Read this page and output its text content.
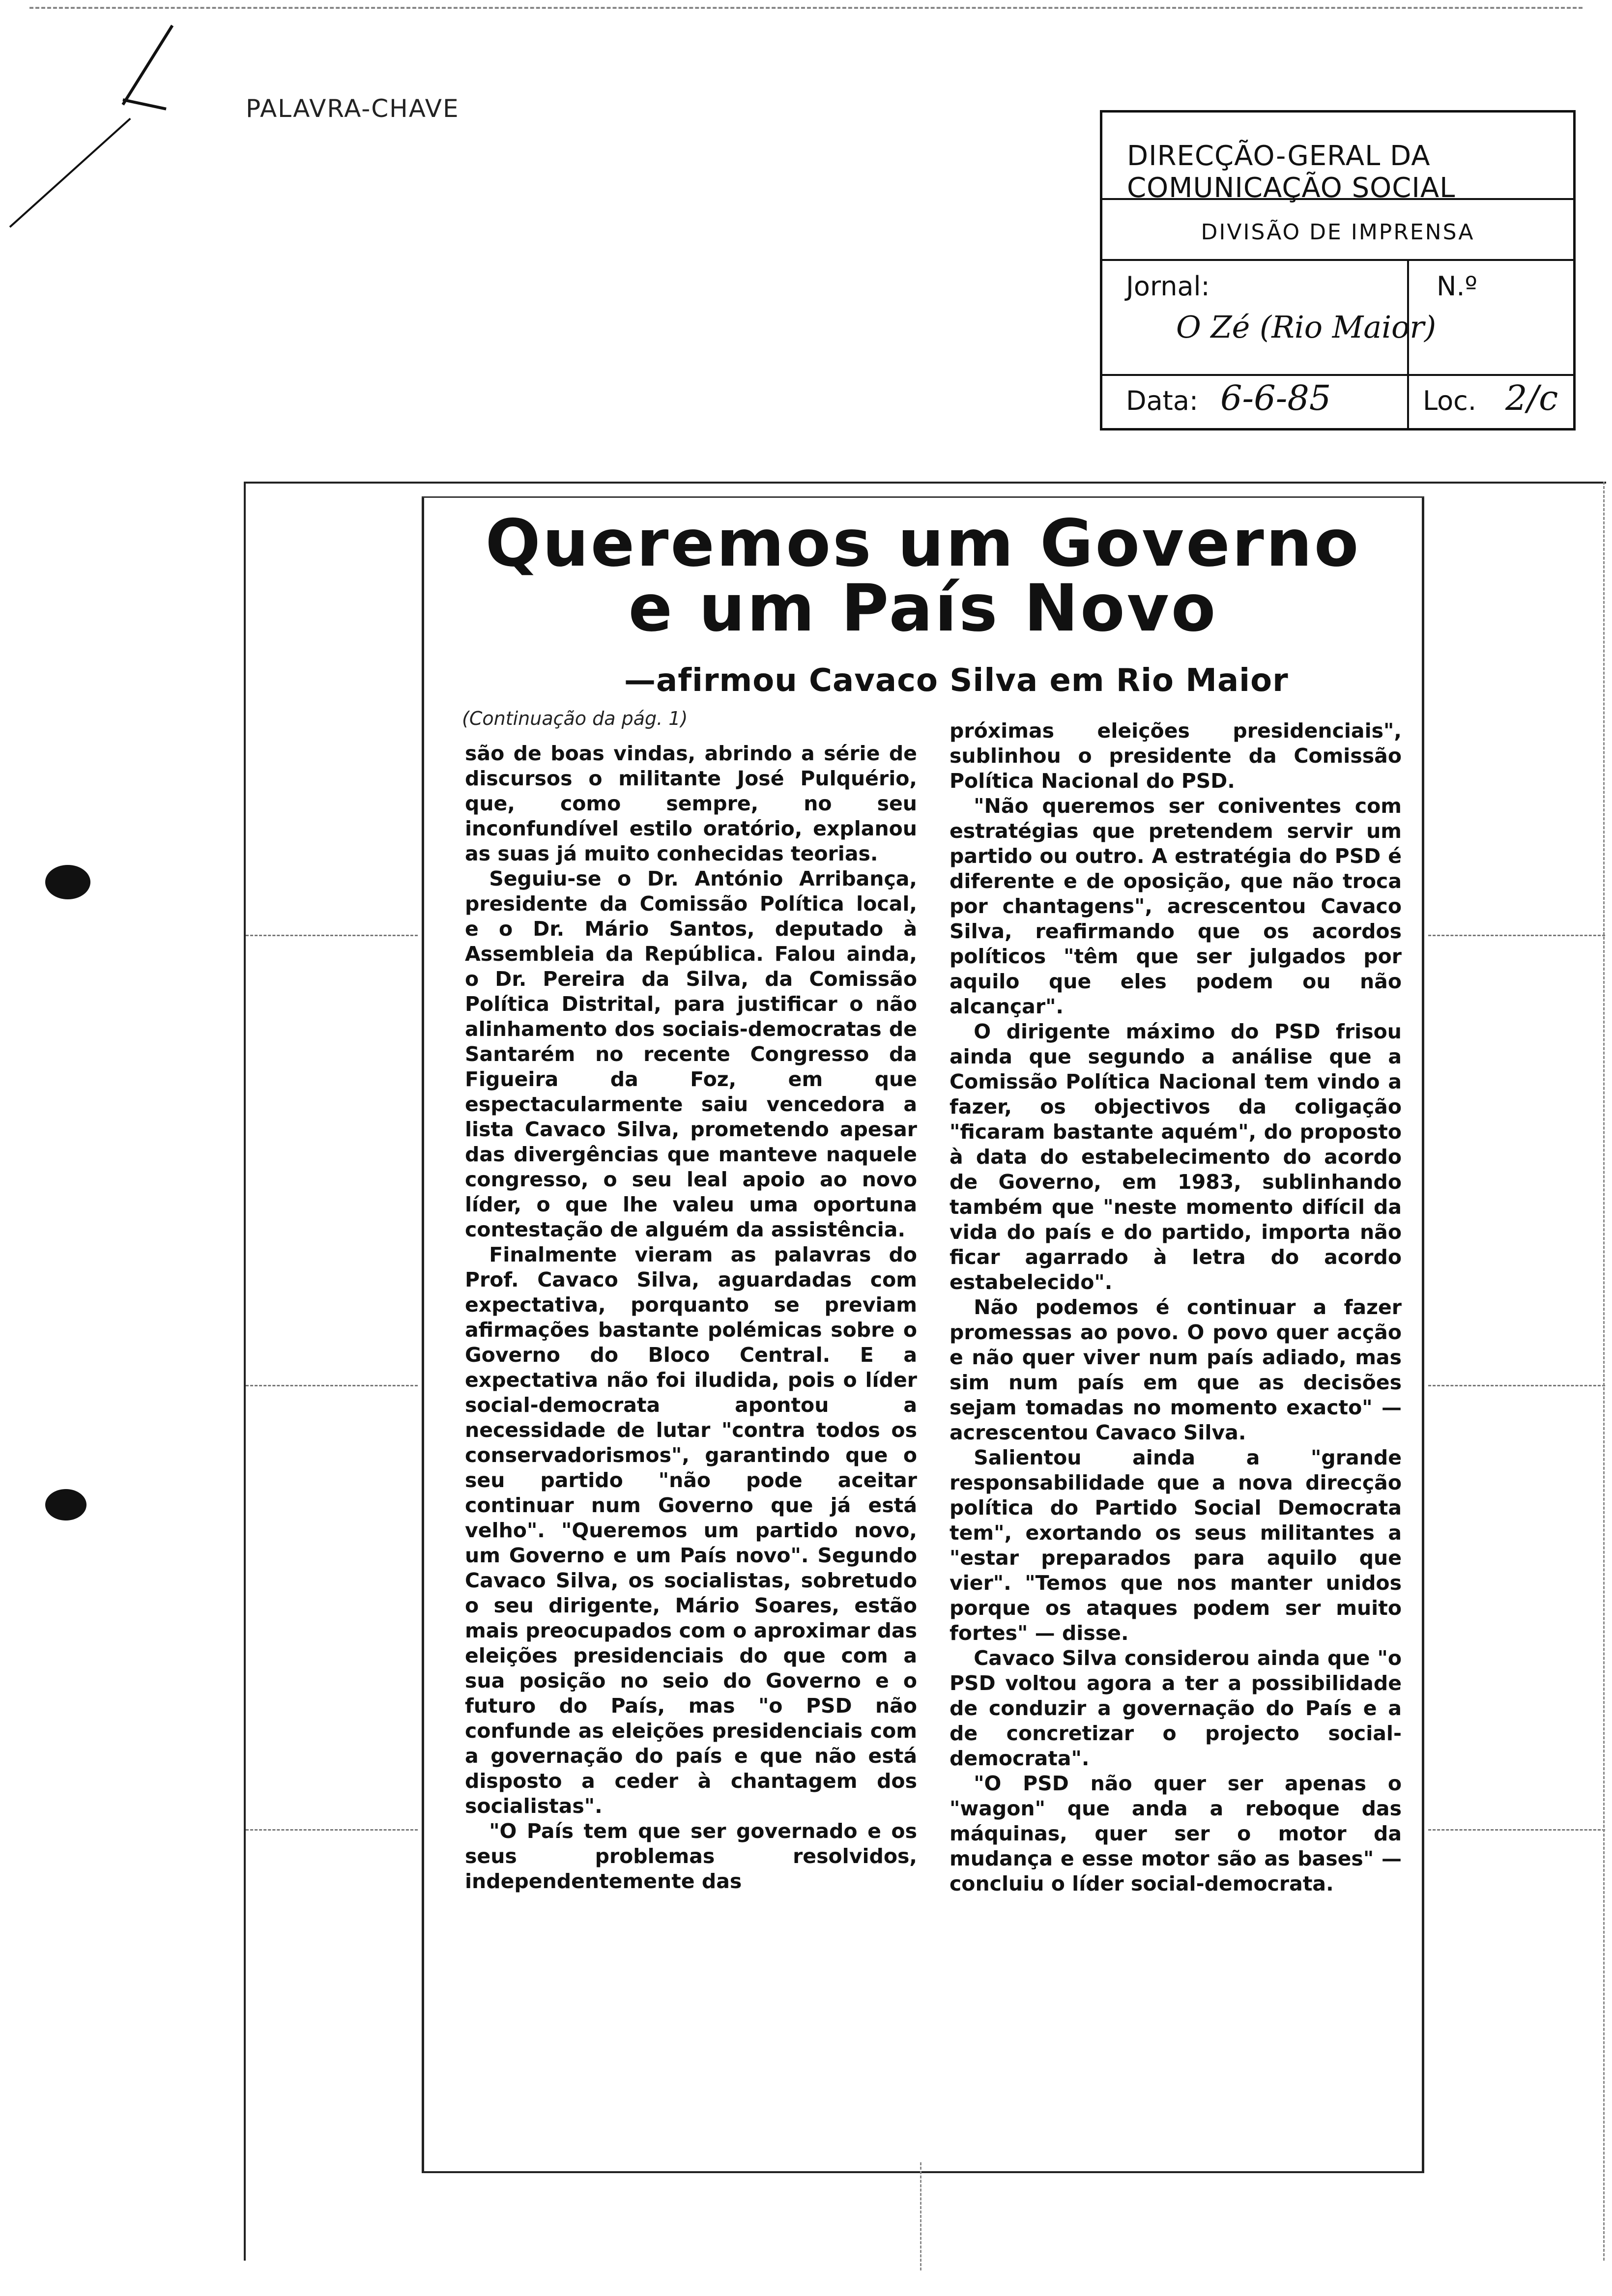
PALAVRA-CHAVE
DIRECÇÃO-GERAL DA COMUNICAÇÃO SOCIAL
DIVISÃO DE IMPRENSA
Jornal:
O Zé (Rio Maior)
N.º
Data: 6-6-85	Loc. 2/c
Queremos um Governo
e um País Novo
—afirmou Cavaco Silva em Rio Maior
(Continuação da pág. 1)

são de boas vindas, abrindo a série de discursos o militante José Pulquério, que, como sempre, no seu inconfundível estilo oratório, explanou as suas já muito conhecidas teorias.

Seguiu-se o Dr. António Arribança, presidente da Comissão Política local, e o Dr. Mário Santos, deputado à Assembleia da República. Falou ainda, o Dr. Pereira da Silva, da Comissão Política Distrital, para justificar o não alinhamento dos sociais-democratas de Santarém no recente Congresso da Figueira da Foz, em que espectacularmente saiu vencedora a lista Cavaco Silva, prometendo apesar das divergências que manteve naquele congresso, o seu leal apoio ao novo líder, o que lhe valeu uma oportuna contestação de alguém da assistência.

Finalmente vieram as palavras do Prof. Cavaco Silva, aguardadas com expectativa, porquanto se previam afirmações bastante polémicas sobre o Governo do Bloco Central. E a expectativa não foi iludida, pois o líder social-democrata apontou a necessidade de lutar "contra todos os conservadorismos", garantindo que o seu partido "não pode aceitar continuar num Governo que já está velho". "Queremos um partido novo, um Governo e um País novo". Segundo Cavaco Silva, os socialistas, sobretudo o seu dirigente, Mário Soares, estão mais preocupados com o aproximar das eleições presidenciais do que com a sua posição no seio do Governo e o futuro do País, mas "o PSD não confunde as eleições presidenciais com a governação do país e que não está disposto a ceder à chantagem dos socialistas".

"O País tem que ser governado e os seus problemas resolvidos, independentemente das

próximas eleições presidenciais", sublinhou o presidente da Comissão Política Nacional do PSD.

"Não queremos ser coniventes com estratégias que pretendem servir um partido ou outro. A estratégia do PSD é diferente e de oposição, que não troca por chantagens", acrescentou Cavaco Silva, reafirmando que os acordos políticos "têm que ser julgados por aquilo que eles podem ou não alcançar".

O dirigente máximo do PSD frisou ainda que segundo a análise que a Comissão Política Nacional tem vindo a fazer, os objectivos da coligação "ficaram bastante aquém", do proposto à data do estabelecimento do acordo de Governo, em 1983, sublinhando também que "neste momento difícil da vida do país e do partido, importa não ficar agarrado à letra do acordo estabelecido".

Não podemos é continuar a fazer promessas ao povo. O povo quer acção e não quer viver num país adiado, mas sim num país em que as decisões sejam tomadas no momento exacto" — acrescentou Cavaco Silva.

Salientou ainda a "grande responsabilidade que a nova direcção política do Partido Social Democrata tem", exortando os seus militantes a "estar preparados para aquilo que vier". "Temos que nos manter unidos porque os ataques podem ser muito fortes" — disse.

Cavaco Silva considerou ainda que "o PSD voltou agora a ter a possibilidade de conduzir a governação do País e a de concretizar o projecto social-democrata".

"O PSD não quer ser apenas o "wagon" que anda a reboque das máquinas, quer ser o motor da mudança e esse motor são as bases" — concluiu o líder social-democrata.
